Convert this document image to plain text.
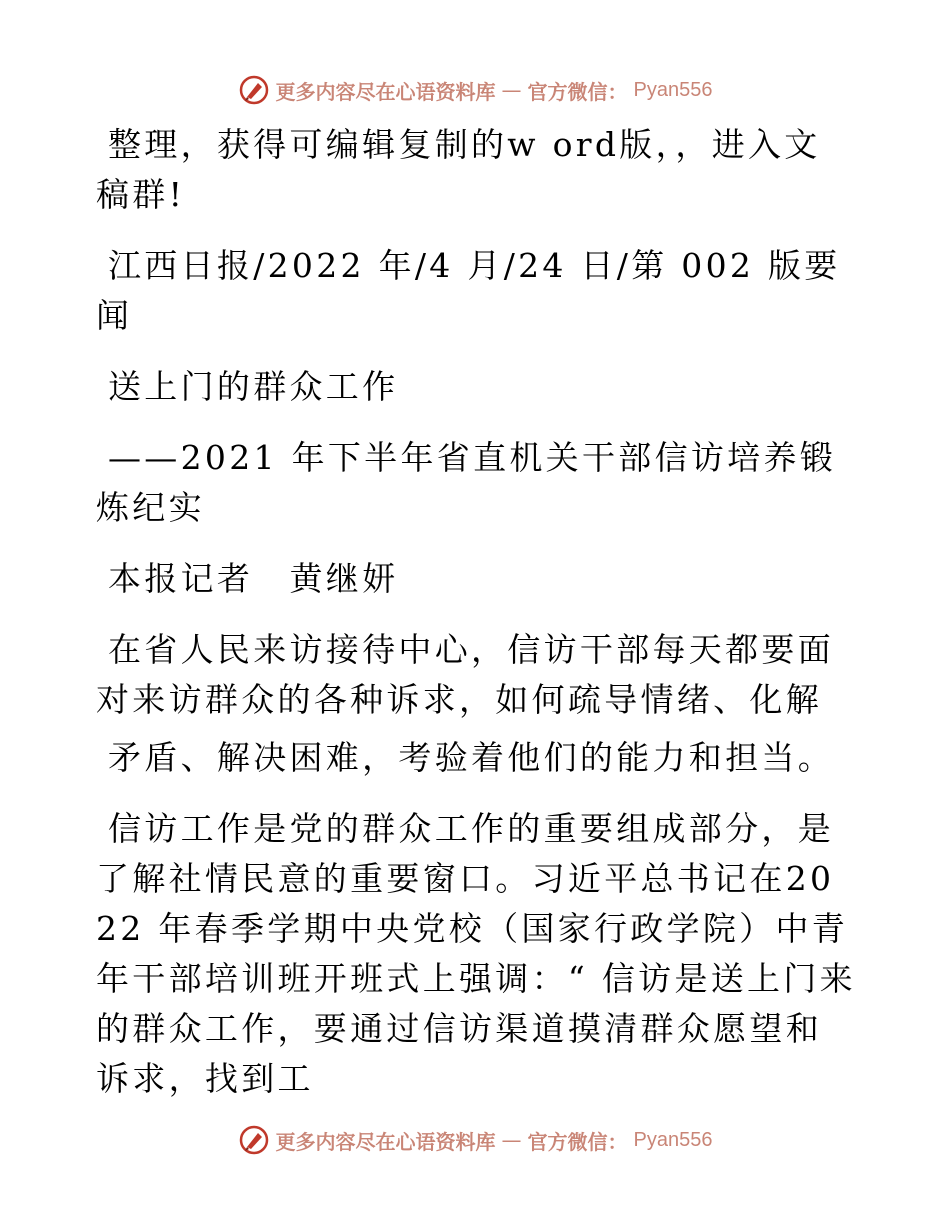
更多内容尽在心语资料库 — 官方微信： Pyan556

整理，获得可编辑复制的w ord版，，进入文稿群!

江西日报/2022 年/4 月/24 日/第 002 版要闻

送上门的群众工作

——2021 年下半年省直机关干部信访培养锻炼纪实

本报记者　黄继妍

在省人民来访接待中心，信访干部每天都要面对来访群众的各种诉求，如何疏导情绪、化解

矛盾、解决困难，考验着他们的能力和担当。

信访工作是党的群众工作的重要组成部分，是了解社情民意的重要窗口。习近平总书记在2022 年春季学期中央党校（国家行政学院）中青年干部培训班开班式上强调：“ 信访是送上门来的群众工作，要通过信访渠道摸清群众愿望和诉求，找到工

更多内容尽在心语资料库 — 官方微信： Pyan556
